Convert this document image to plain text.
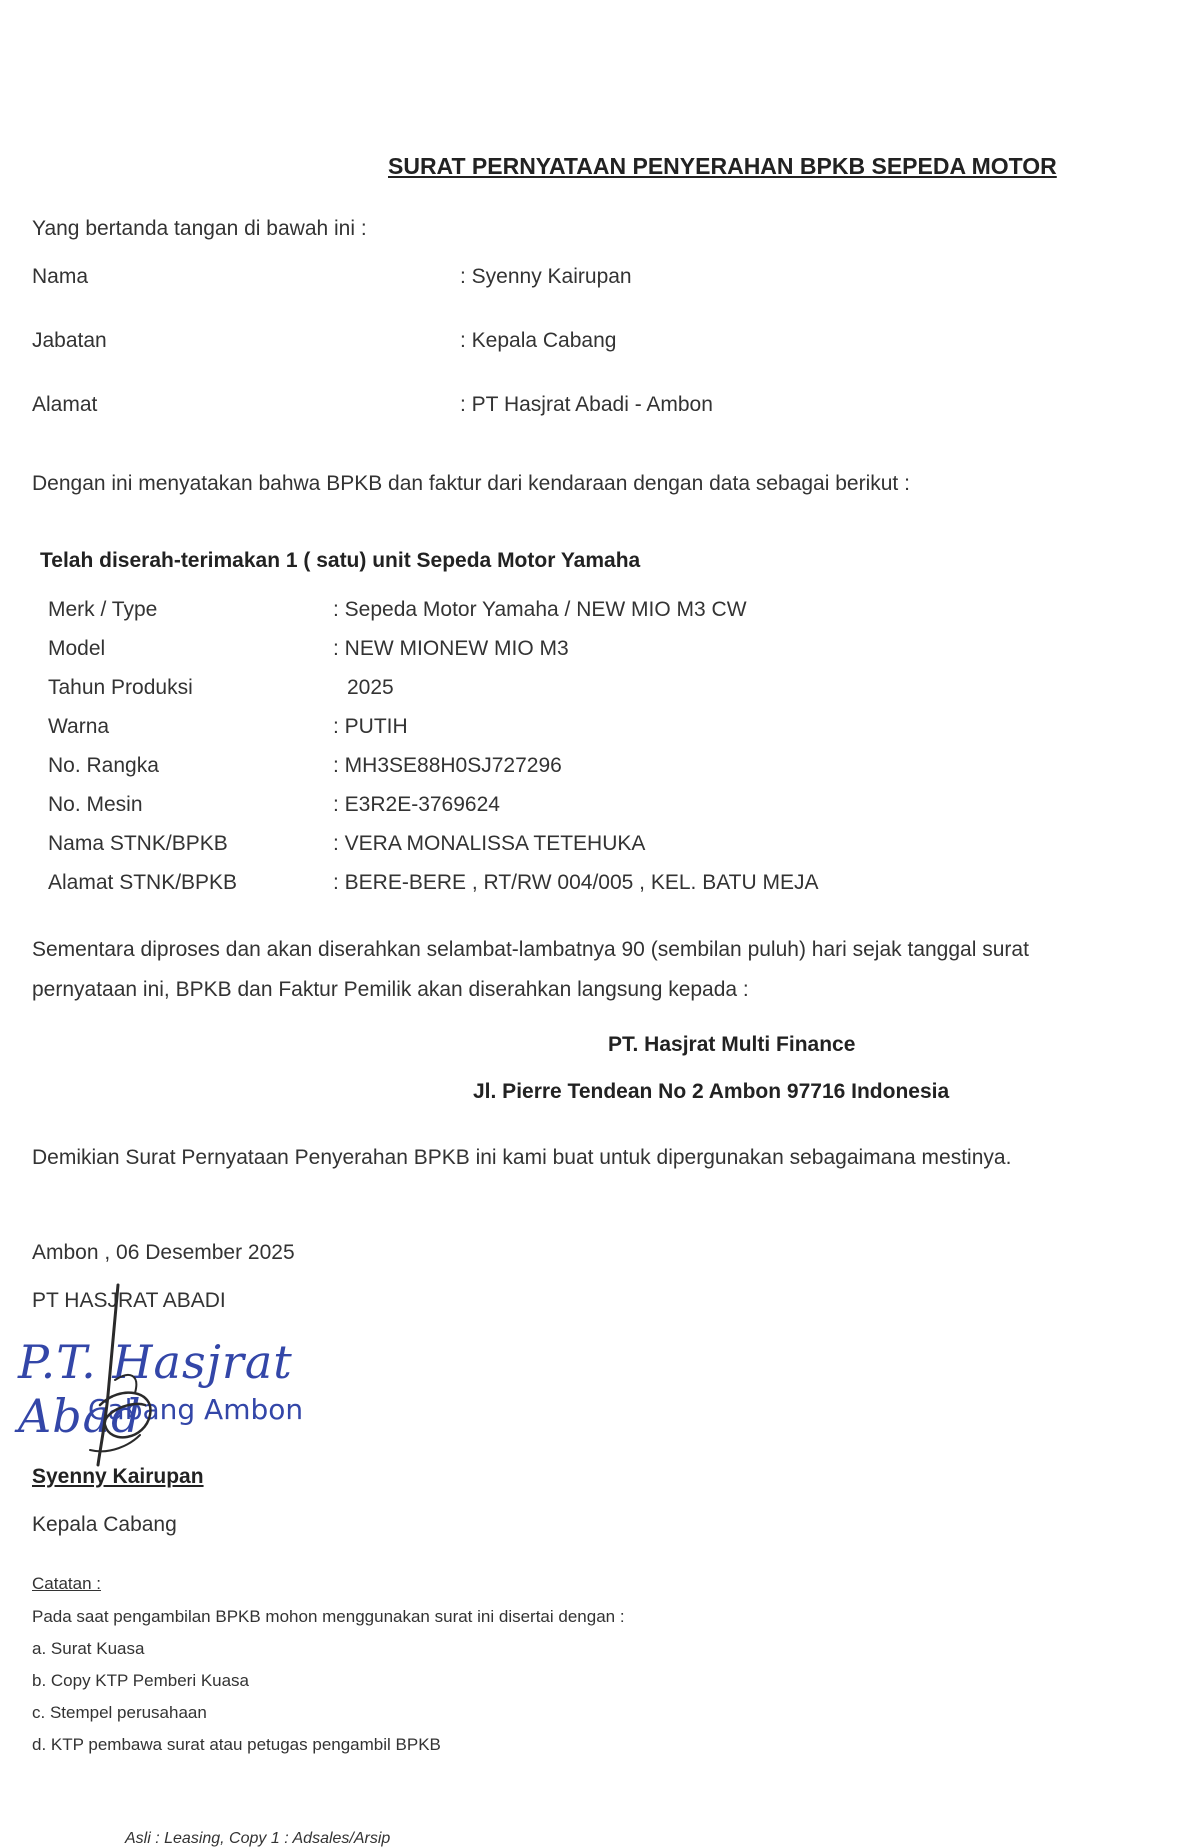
SURAT PERNYATAAN PENYERAHAN BPKB SEPEDA MOTOR
Yang bertanda tangan di bawah ini :
Nama	: Syenny Kairupan
Jabatan	: Kepala Cabang
Alamat	: PT Hasjrat Abadi - Ambon
Dengan ini menyatakan bahwa BPKB dan faktur dari kendaraan dengan data sebagai berikut :
Telah diserah-terimakan 1 ( satu) unit Sepeda Motor Yamaha
Merk / Type	: Sepeda Motor Yamaha / NEW MIO M3 CW
Model	: NEW MIONEW MIO M3
Tahun Produksi	2025
Warna	: PUTIH
No. Rangka	: MH3SE88H0SJ727296
No. Mesin	: E3R2E-3769624
Nama STNK/BPKB	: VERA MONALISSA TETEHUKA
Alamat STNK/BPKB	: BERE-BERE , RT/RW 004/005 , KEL. BATU MEJA
Sementara diproses dan akan diserahkan selambat-lambatnya 90 (sembilan puluh) hari sejak tanggal surat
pernyataan ini, BPKB dan Faktur Pemilik akan diserahkan langsung kepada :
PT. Hasjrat Multi Finance
Jl. Pierre Tendean No 2 Ambon 97716 Indonesia
Demikian Surat Pernyataan Penyerahan BPKB ini kami buat untuk dipergunakan sebagaimana mestinya.
Ambon , 06 Desember 2025
PT HASJRAT ABADI
P.T. Hasjrat Abad
Cabang Ambon
Syenny Kairupan
Kepala Cabang
Catatan :
Pada saat pengambilan BPKB mohon menggunakan surat ini disertai dengan :
a. Surat Kuasa
b. Copy KTP Pemberi Kuasa
c. Stempel perusahaan
d. KTP pembawa surat atau petugas pengambil BPKB
Asli : Leasing, Copy 1 : Adsales/Arsip
